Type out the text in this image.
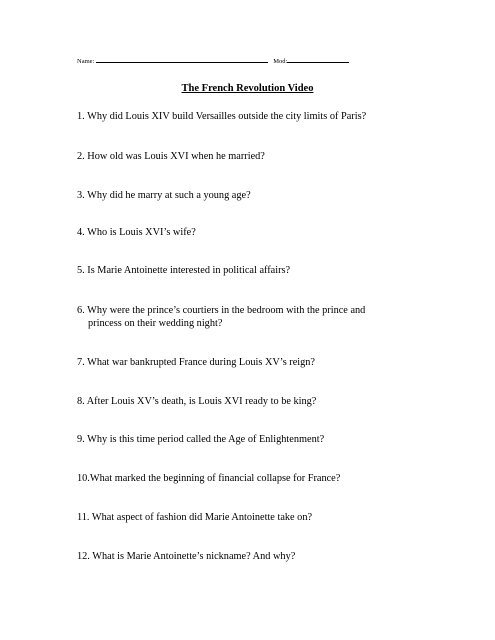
Name:	Mod:
The French Revolution Video
1. Why did Louis XIV build Versailles outside the city limits of Paris?
2. How old was Louis XVI when he married?
3. Why did he marry at such a young age?
4. Who is Louis XVI’s wife?
5. Is Marie Antoinette interested in political affairs?
6. Why were the prince’s courtiers in the bedroom with the prince and
princess on their wedding night?
7. What war bankrupted France during Louis XV’s reign?
8. After Louis XV’s death, is Louis XVI ready to be king?
9. Why is this time period called the Age of Enlightenment?
10.What marked the beginning of financial collapse for France?
11. What aspect of fashion did Marie Antoinette take on?
12. What is Marie Antoinette’s nickname? And why?
